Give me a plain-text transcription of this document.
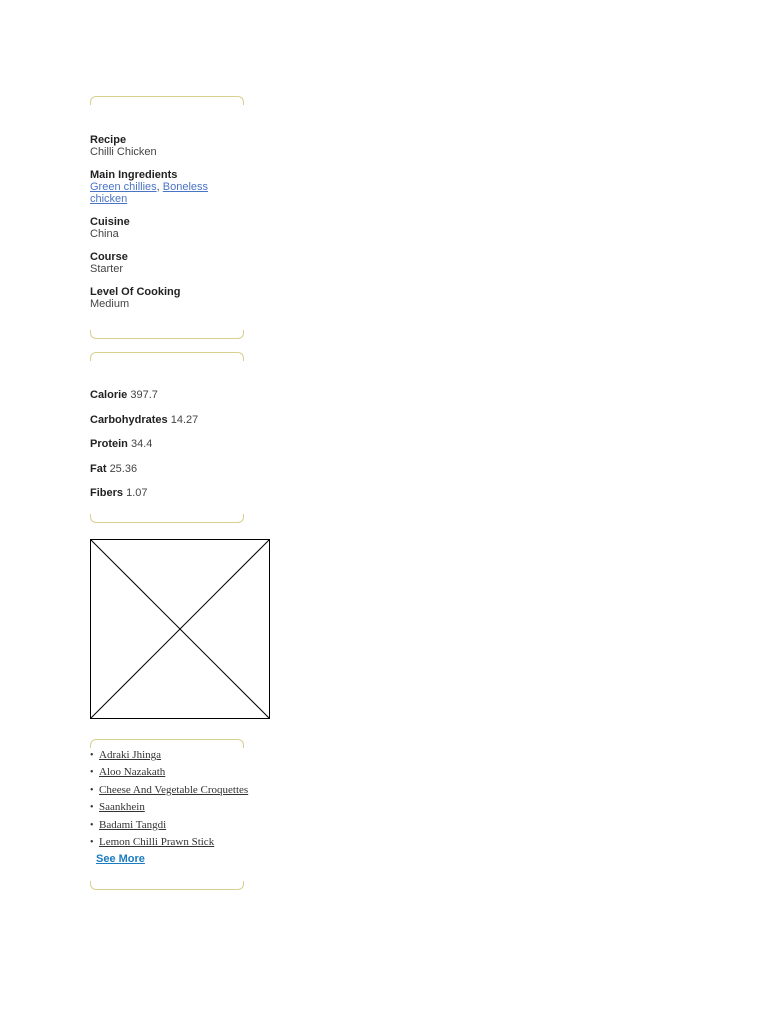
Recipe
Chilli Chicken
Main Ingredients
Green chillies, Boneless chicken
Cuisine
China
Course
Starter
Level Of Cooking
Medium
Calorie 397.7
Carbohydrates 14.27
Protein 34.4
Fat 25.36
Fibers 1.07
• Adraki Jhinga
• Aloo Nazakath
• Cheese And Vegetable Croquettes
• Saankhein
• Badami Tangdi
• Lemon Chilli Prawn Stick
See More
